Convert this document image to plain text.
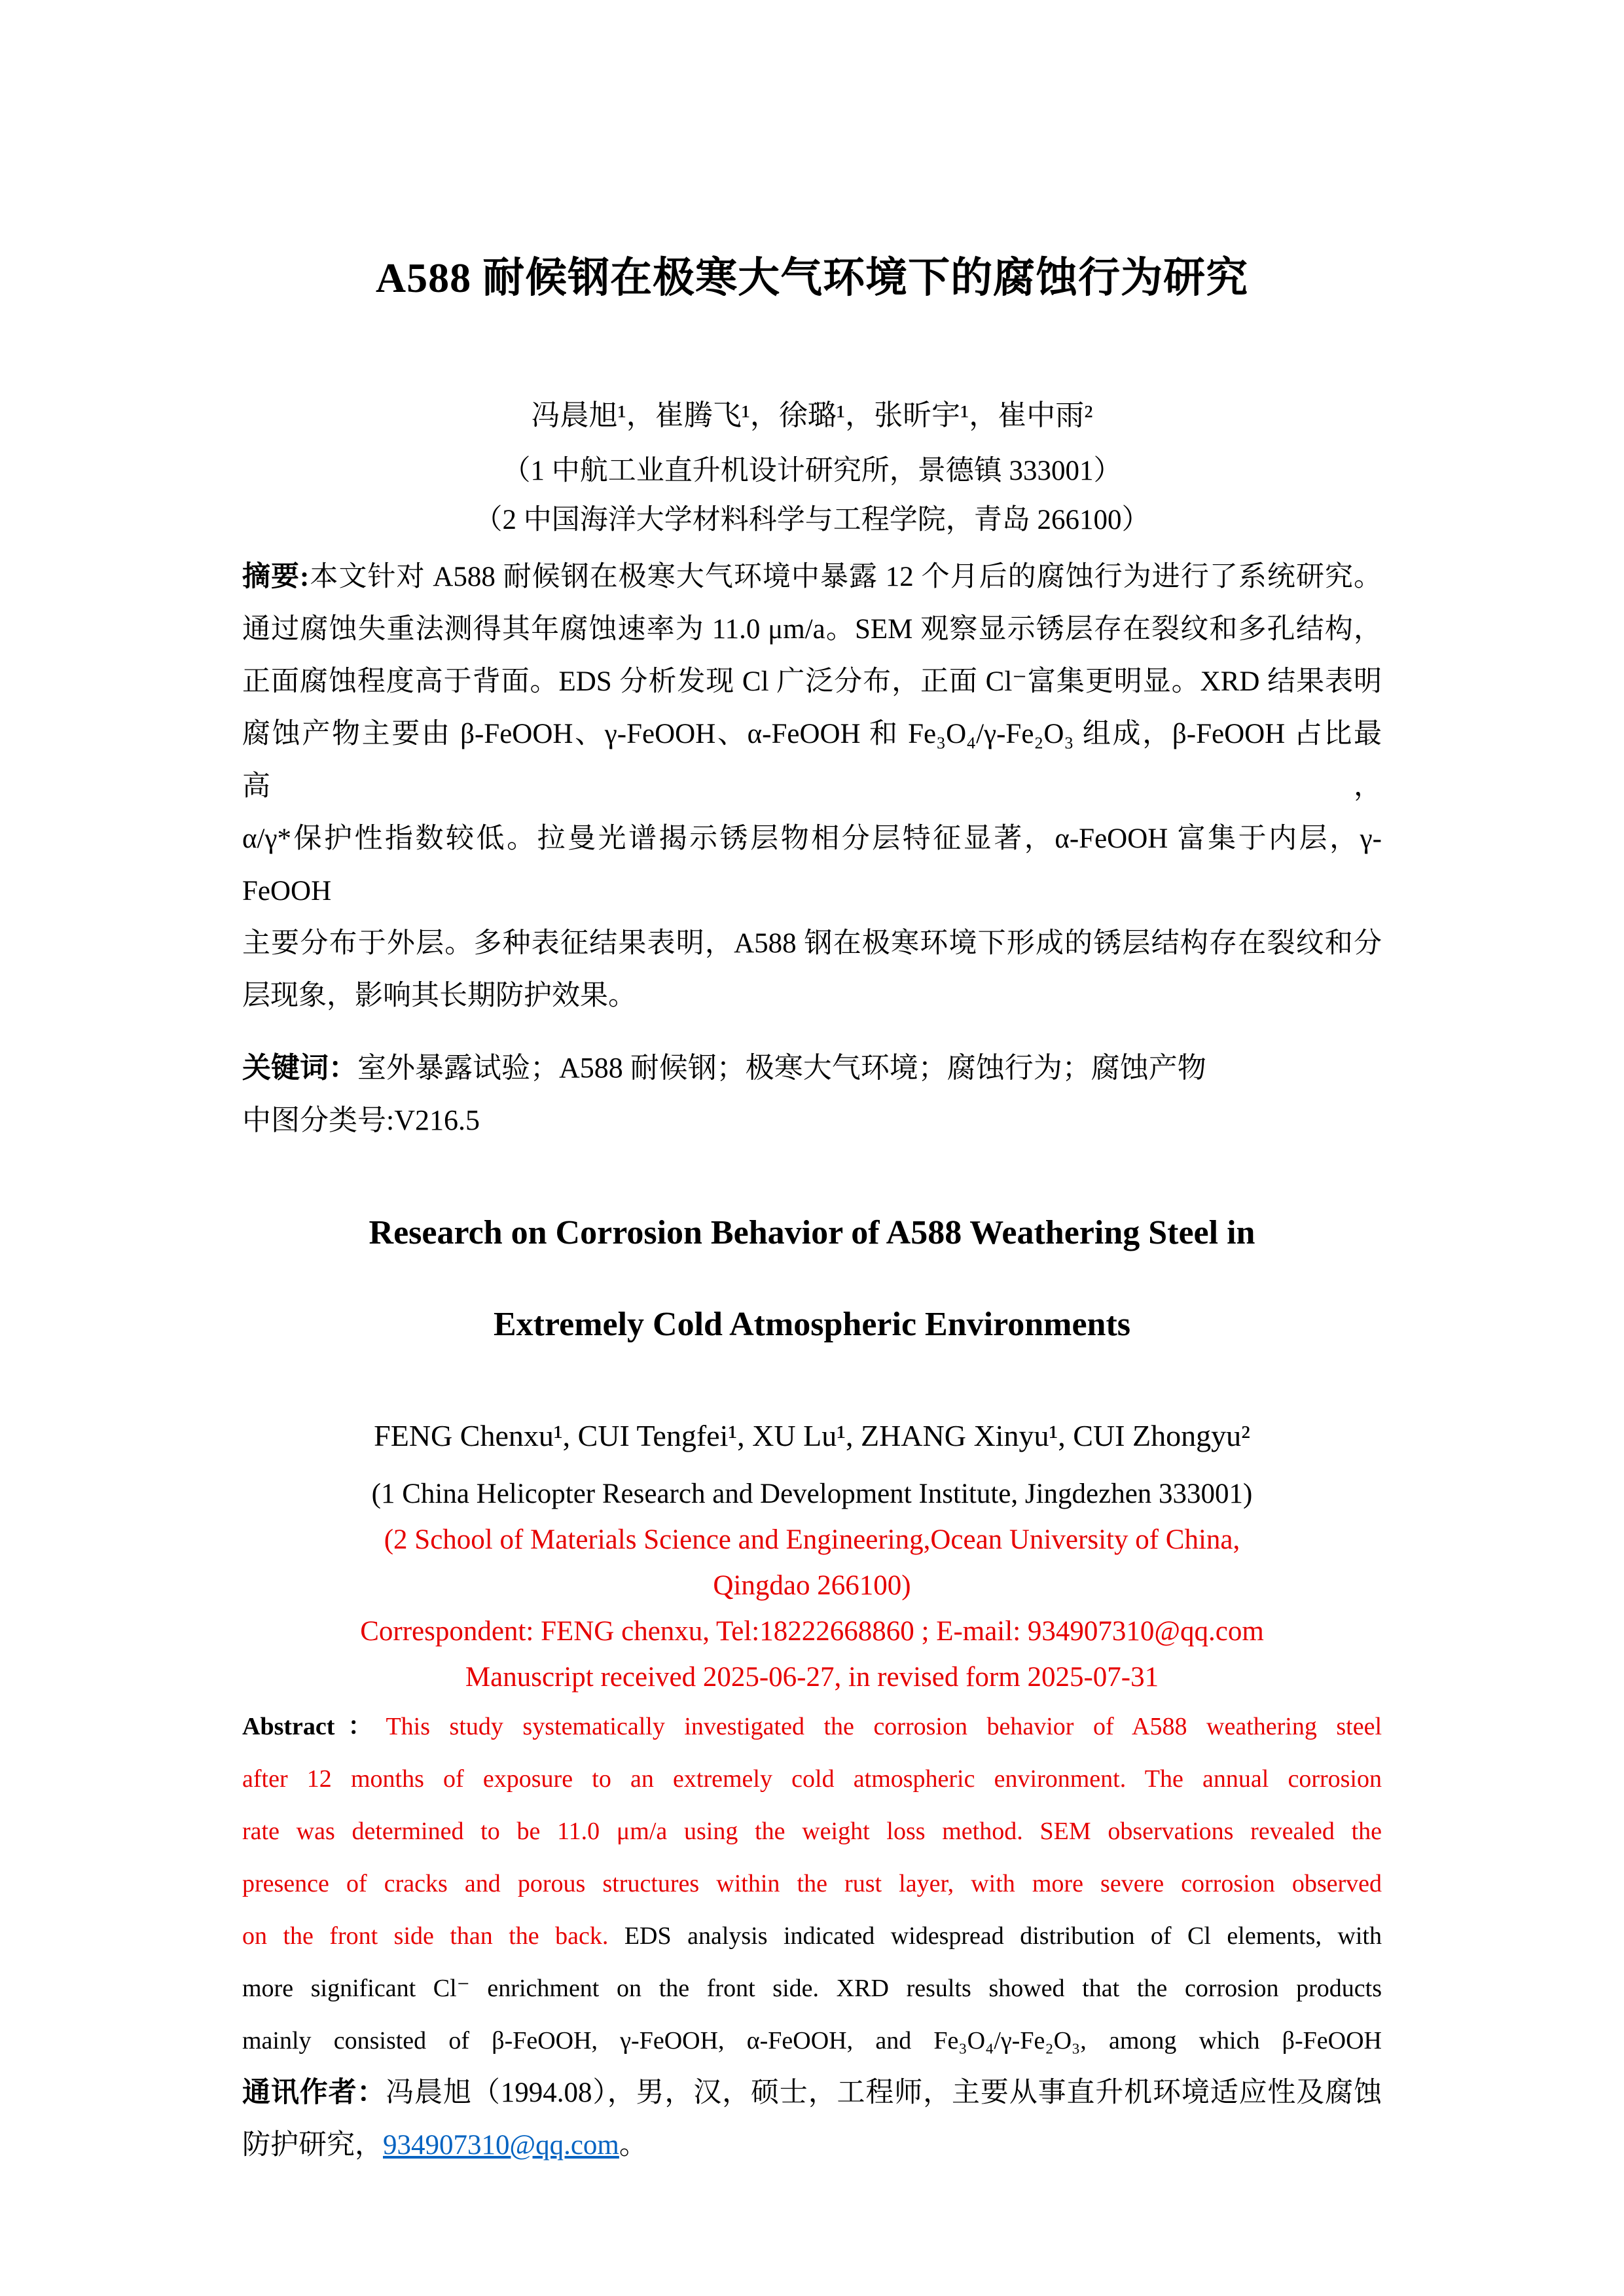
A588 耐候钢在极寒大气环境下的腐蚀行为研究
冯晨旭¹，崔腾飞¹，徐璐¹，张昕宇¹，崔中雨²
（1 中航工业直升机设计研究所，景德镇 333001）
（2 中国海洋大学材料科学与工程学院，青岛 266100）
摘要:本文针对 A588 耐候钢在极寒大气环境中暴露 12 个月后的腐蚀行为进行了系统研究。
通过腐蚀失重法测得其年腐蚀速率为 11.0 μm/a。SEM 观察显示锈层存在裂纹和多孔结构，
正面腐蚀程度高于背面。EDS 分析发现 Cl 广泛分布，正面 Cl⁻富集更明显。XRD 结果表明
腐蚀产物主要由 β-FeOOH、γ-FeOOH、α-FeOOH 和 Fe₃O₄/γ-Fe₂O₃ 组成，β-FeOOH 占比最高，
α/γ*保护性指数较低。拉曼光谱揭示锈层物相分层特征显著，α-FeOOH 富集于内层，γ-FeOOH
主要分布于外层。多种表征结果表明，A588 钢在极寒环境下形成的锈层结构存在裂纹和分
层现象，影响其长期防护效果。
关键词：室外暴露试验；A588 耐候钢；极寒大气环境；腐蚀行为；腐蚀产物
中图分类号:V216.5
Research on Corrosion Behavior of A588 Weathering Steel in
Extremely Cold Atmospheric Environments
FENG Chenxu¹, CUI Tengfei¹, XU Lu¹, ZHANG Xinyu¹, CUI Zhongyu²
(1 China Helicopter Research and Development Institute, Jingdezhen 333001)
(2 School of Materials Science and Engineering,Ocean University of China,
Qingdao 266100)
Correspondent: FENG chenxu, Tel:18222668860 ; E-mail: 934907310@qq.com
Manuscript received 2025-06-27, in revised form 2025-07-31
Abstract：This study systematically investigated the corrosion behavior of A588 weathering steel
after 12 months of exposure to an extremely cold atmospheric environment. The annual corrosion
rate was determined to be 11.0 μm/a using the weight loss method. SEM observations revealed the
presence of cracks and porous structures within the rust layer, with more severe corrosion observed
on the front side than the back. EDS analysis indicated widespread distribution of Cl elements, with
more significant Cl⁻ enrichment on the front side. XRD results showed that the corrosion products
mainly consisted of β-FeOOH, γ-FeOOH, α-FeOOH, and Fe₃O₄/γ-Fe₂O₃, among which β-FeOOH
通讯作者：冯晨旭（1994.08），男，汉，硕士，工程师，主要从事直升机环境适应性及腐蚀
防护研究，934907310@qq.com。
